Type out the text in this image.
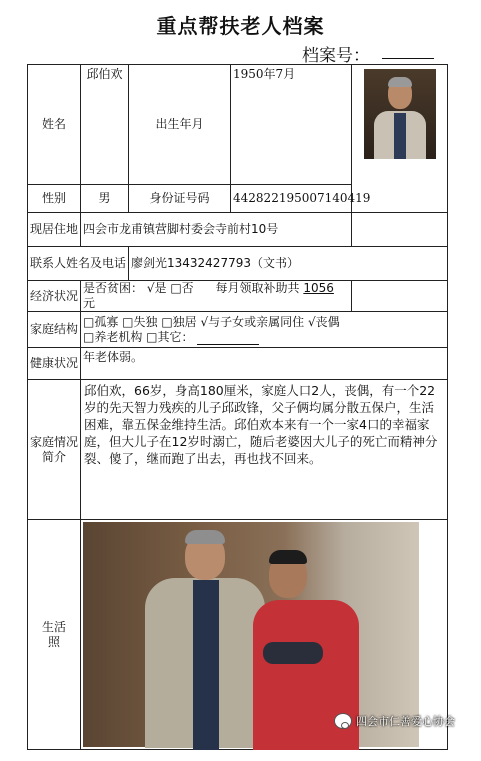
重点帮扶老人档案
档案号：
姓名	邱伯欢	出生年月	1950年7月	

性别	男	身份证号码	442822195007140419	
现居住地	四会市龙甫镇营脚村委会寺前村10号			
联系人姓名及电话		廖剑光13432427793（文书）		
经济状况	是否贫困： √是 □否 每月领取补助共 1056 元			
家庭结构	□孤寡 □失独 □独居 √与子女或亲属同住 √丧偶
□养老机构 □其它：			
健康状况	年老体弱。			
家庭情况简介	邱伯欢，66岁，身高180厘米，家庭人口2人，丧偶，有一个22岁的先天智力残疾的儿子邱政锋，父子俩均属分散五保户，生活困难，靠五保金维持生活。邱伯欢本来有一个一家4口的幸福家庭，但大儿子在12岁时溺亡，随后老婆因大儿子的死亡而精神分裂、傻了，继而跑了出去，再也找不回来。			
生活照				
四会市仁善爱心协会
